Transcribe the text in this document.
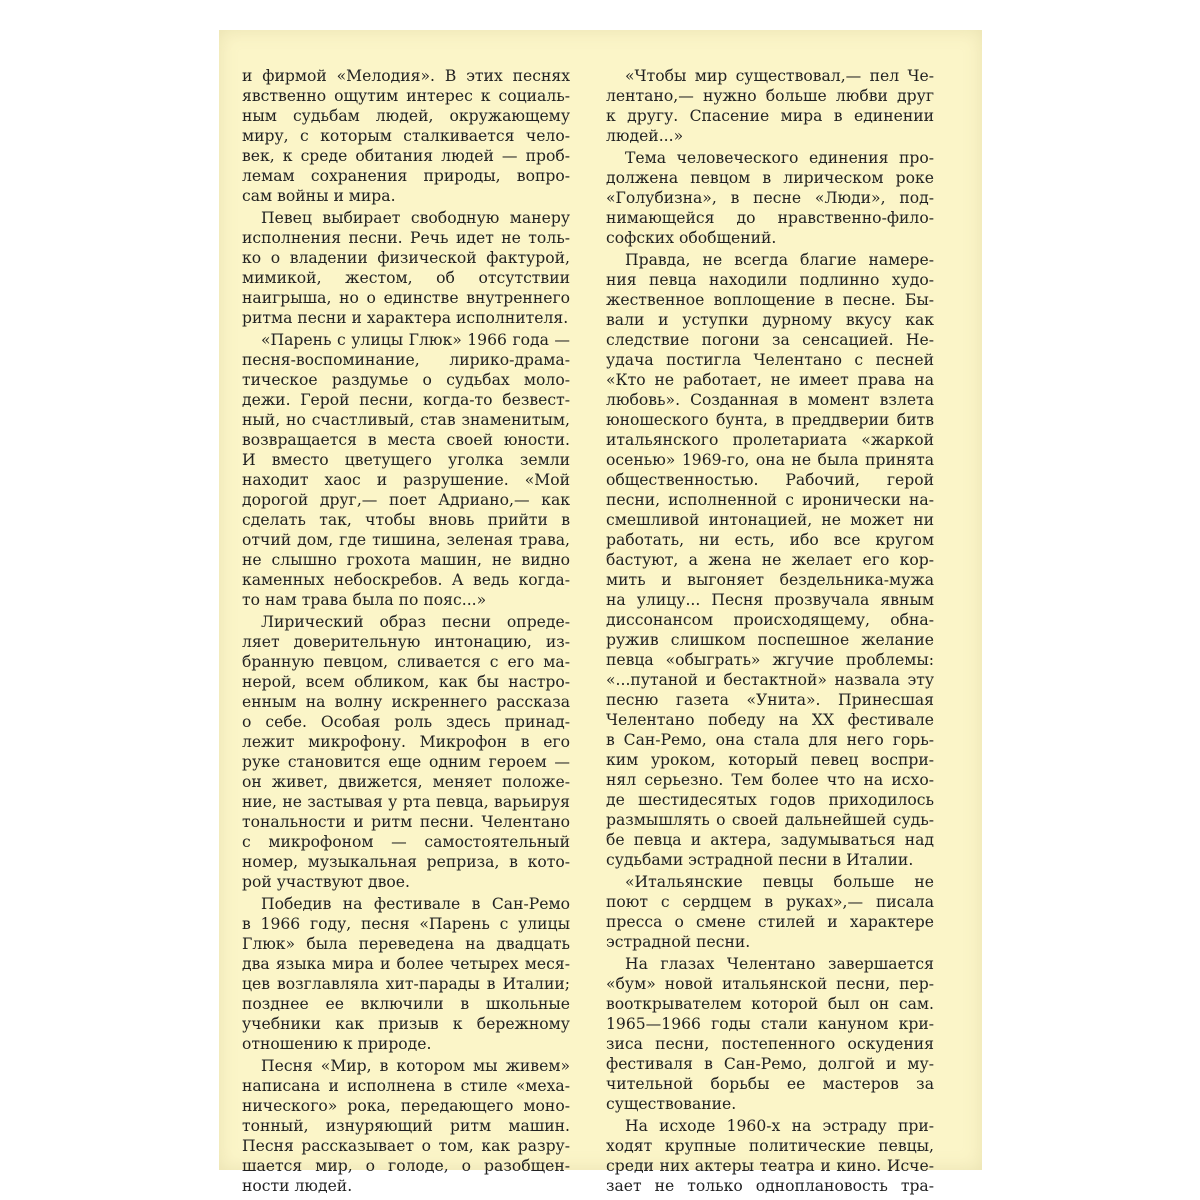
и фирмой «Мелодия». В этих песнях
явственно ощутим интерес к социаль-
ным судьбам людей, окружающему
миру, с которым сталкивается чело-
век, к среде обитания людей — проб-
лемам сохранения природы, вопро-
сам войны и мира.
Певец выбирает свободную манеру
исполнения песни. Речь идет не толь-
ко о владении физической фактурой,
мимикой, жестом, об отсутствии
наигрыша, но о единстве внутреннего
ритма песни и характера исполнителя.
«Парень с улицы Глюк» 1966 года —
песня-воспоминание, лирико-драма-
тическое раздумье о судьбах моло-
дежи. Герой песни, когда-то безвест-
ный, но счастливый, став знаменитым,
возвращается в места своей юности.
И вместо цветущего уголка земли
находит хаос и разрушение. «Мой
дорогой друг,— поет Адриано,— как
сделать так, чтобы вновь прийти в
отчий дом, где тишина, зеленая трава,
не слышно грохота машин, не видно
каменных небоскребов. А ведь когда-
то нам трава была по пояс...»
Лирический образ песни опреде-
ляет доверительную интонацию, из-
бранную певцом, сливается с его ма-
нерой, всем обликом, как бы настро-
енным на волну искреннего рассказа
о себе. Особая роль здесь принад-
лежит микрофону. Микрофон в его
руке становится еще одним героем —
он живет, движется, меняет положе-
ние, не застывая у рта певца, варьируя
тональности и ритм песни. Челентано
с микрофоном — самостоятельный
номер, музыкальная реприза, в кото-
рой участвуют двое.
Победив на фестивале в Сан-Ремо
в 1966 году, песня «Парень с улицы
Глюк» была переведена на двадцать
два языка мира и более четырех меся-
цев возглавляла хит-парады в Италии;
позднее ее включили в школьные
учебники как призыв к бережному
отношению к природе.
Песня «Мир, в котором мы живем»
написана и исполнена в стиле «меха-
нического» рока, передающего моно-
тонный, изнуряющий ритм машин.
Песня рассказывает о том, как разру-
шается мир, о голоде, о разобщен-
ности людей.
«Чтобы мир существовал,— пел Че-
лентано,— нужно больше любви друг
к другу. Спасение мира в единении
людей...»
Тема человеческого единения про-
должена певцом в лирическом роке
«Голубизна», в песне «Люди», под-
нимающейся до нравственно-фило-
софских обобщений.
Правда, не всегда благие намере-
ния певца находили подлинно худо-
жественное воплощение в песне. Бы-
вали и уступки дурному вкусу как
следствие погони за сенсацией. Не-
удача постигла Челентано с песней
«Кто не работает, не имеет права на
любовь». Созданная в момент взлета
юношеского бунта, в преддверии битв
итальянского пролетариата «жаркой
осенью» 1969-го, она не была принята
общественностью. Рабочий, герой
песни, исполненной с иронически на-
смешливой интонацией, не может ни
работать, ни есть, ибо все кругом
бастуют, а жена не желает его кор-
мить и выгоняет бездельника-мужа
на улицу... Песня прозвучала явным
диссонансом происходящему, обна-
ружив слишком поспешное желание
певца «обыграть» жгучие проблемы:
«...путаной и бестактной» назвала эту
песню газета «Унита». Принесшая
Челентано победу на XX фестивале
в Сан-Ремо, она стала для него горь-
ким уроком, который певец воспри-
нял серьезно. Тем более что на исхо-
де шестидесятых годов приходилось
размышлять о своей дальнейшей судь-
бе певца и актера, задумываться над
судьбами эстрадной песни в Италии.
«Итальянские певцы больше не
поют с сердцем в руках»,— писала
пресса о смене стилей и характере
эстрадной песни.
На глазах Челентано завершается
«бум» новой итальянской песни, пер-
вооткрывателем которой был он сам.
1965—1966 годы стали кануном кри-
зиса песни, постепенного оскудения
фестиваля в Сан-Ремо, долгой и му-
чительной борьбы ее мастеров за
существование.
На исходе 1960-х на эстраду при-
ходят крупные политические певцы,
среди них актеры театра и кино. Исче-
зает не только одноплановость тра-
